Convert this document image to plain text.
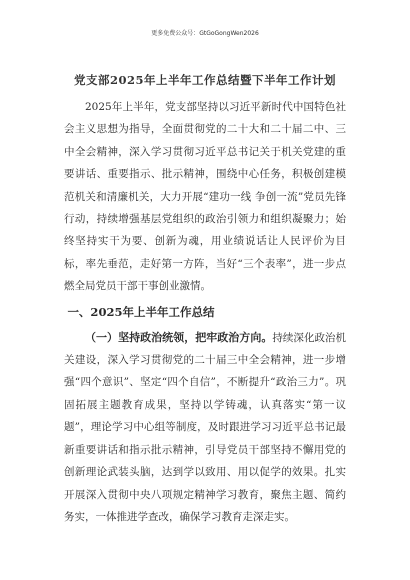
更多免费公众号：GtGoGongWen2026
党支部2025年上半年工作总结暨下半年工作计划

2025年上半年，党支部坚持以习近平新时代中国特色社会主义思想为指导，全面贯彻党的二十大和二十届二中、三中全会精神，深入学习贯彻习近平总书记关于机关党建的重要讲话、重要指示、批示精神，围绕中心任务，积极创建模范机关和清廉机关，大力开展“建功一线 争创一流”党员先锋行动，持续增强基层党组织的政治引领力和组织凝聚力；始终坚持实干为要、创新为魂，用业绩说话让人民评价为目标，率先垂范，走好第一方阵，当好“三个表率”，进一步点燃全局党员干部干事创业激情。

一、2025年上半年工作总结

（一）坚持政治统领，把牢政治方向。持续深化政治机关建设，深入学习贯彻党的二十届三中全会精神，进一步增强“四个意识”、坚定“四个自信”，不断提升“政治三力”。巩固拓展主题教育成果，坚持以学铸魂，认真落实“第一议题”，理论学习中心组等制度，及时跟进学习习近平总书记最新重要讲话和指示批示精神，引导党员干部坚持不懈用党的创新理论武装头脑，达到学以致用、用以促学的效果。扎实开展深入贯彻中央八项规定精神学习教育，聚焦主题、简约务实，一体推进学查改，确保学习教育走深走实。
